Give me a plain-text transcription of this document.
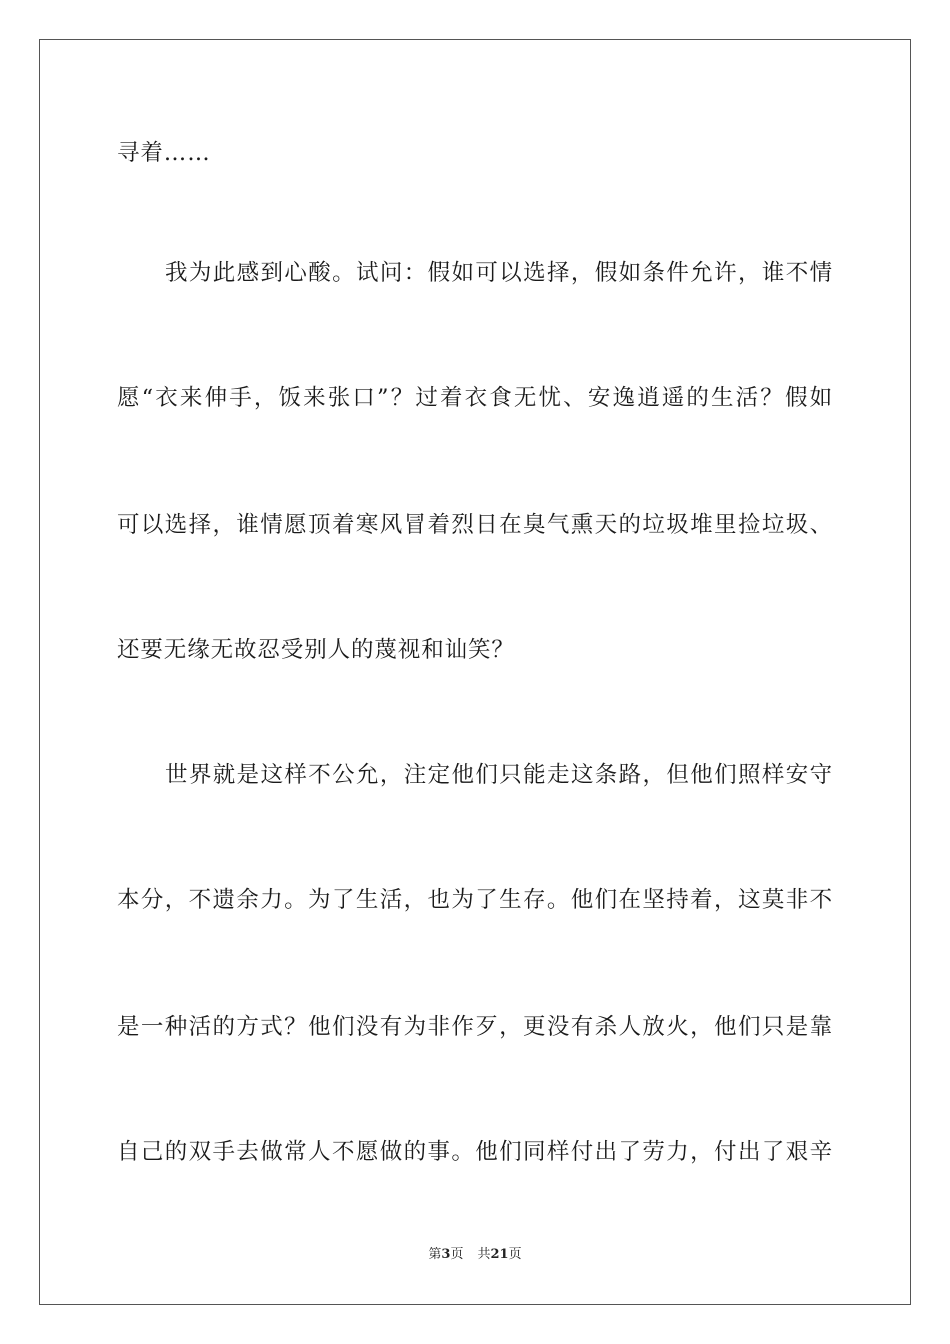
寻着……
我为此感到心酸。试问：假如可以选择，假如条件允许，谁不情
愿“衣来伸手，饭来张口”？过着衣食无忧、安逸逍遥的生活？假如
可以选择，谁情愿顶着寒风冒着烈日在臭气熏天的垃圾堆里捡垃圾、
还要无缘无故忍受别人的蔑视和讪笑？
世界就是这样不公允，注定他们只能走这条路，但他们照样安守
本分，不遗余力。为了生活，也为了生存。他们在坚持着，这莫非不
是一种活的方式？他们没有为非作歹，更没有杀人放火，他们只是靠
自己的双手去做常人不愿做的事。他们同样付出了劳力，付出了艰辛
第3页 共21页
